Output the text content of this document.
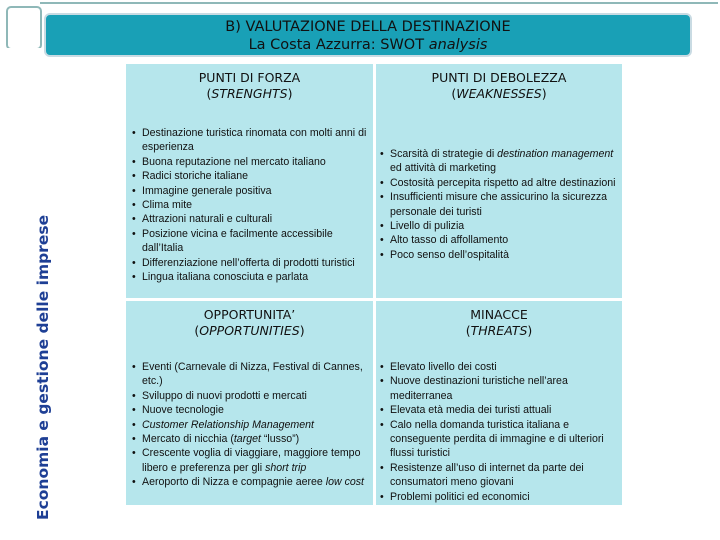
Economia e gestione delle imprese
B) VALUTAZIONE DELLA DESTINAZIONE
La Costa Azzurra: SWOT analysis
PUNTI DI FORZA
(STRENGHTS)
• Destinazione turistica rinomata con molti anni di esperienza
• Buona reputazione nel mercato italiano
• Radici storiche italiane
• Immagine generale positiva
• Clima mite
• Attrazioni naturali e culturali
• Posizione vicina e facilmente accessibile dall’Italia
• Differenziazione nell’offerta di prodotti turistici
• Lingua italiana conosciuta e parlata
PUNTI DI DEBOLEZZA
(WEAKNESSES)
• Scarsità di strategie di destination management ed attività di marketing
• Costosità percepita rispetto ad altre destinazioni
• Insufficienti misure che assicurino la sicurezza personale dei turisti
• Livello di pulizia
• Alto tasso di affollamento
• Poco senso dell’ospitalità
OPPORTUNITA’
(OPPORTUNITIES)
• Eventi (Carnevale di Nizza, Festival di Cannes, etc.)
• Sviluppo di nuovi prodotti e mercati
• Nuove tecnologie
• Customer Relationship Management
• Mercato di nicchia (target “lusso”)
• Crescente voglia di viaggiare, maggiore tempo libero e preferenza per gli short trip
• Aeroporto di Nizza e compagnie aeree low cost
MINACCE
(THREATS)
• Elevato livello dei costi
• Nuove destinazioni turistiche nell’area mediterranea
• Elevata età media dei turisti attuali
• Calo nella domanda turistica italiana e conseguente perdita di immagine e di ulteriori flussi turistici
• Resistenze all’uso di internet da parte dei consumatori meno giovani
• Problemi politici ed economici
